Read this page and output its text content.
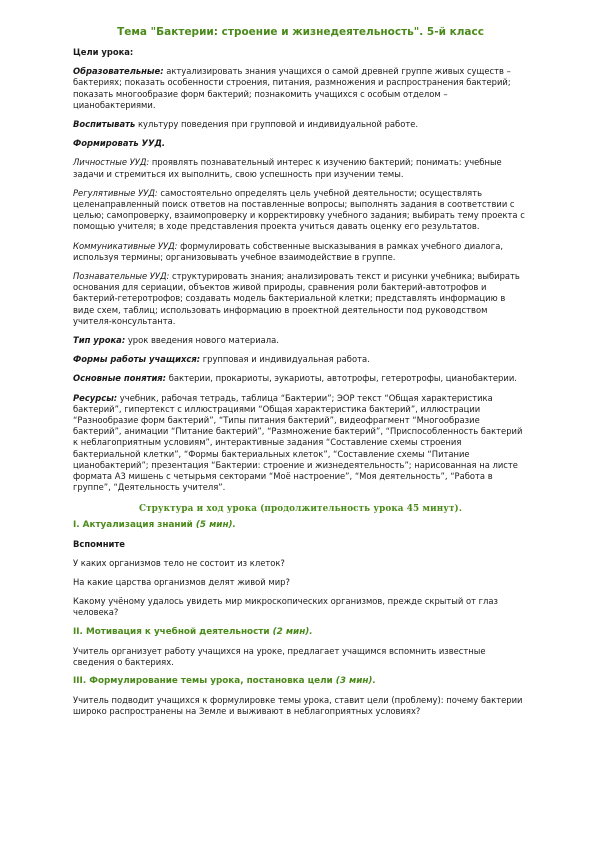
Тема "Бактерии: строение и жизнедеятельность". 5-й класс

Цели урока:

Образовательные: актуализировать знания учащихся о самой древней группе живых существ – бактериях; показать особенности строения, питания, размножения и распространения бактерий; показать многообразие форм бактерий; познакомить учащихся с особым отделом – цианобактериями.

Воспитывать культуру поведения при групповой и индивидуальной работе.

Формировать УУД.

Личностные УУД: проявлять познавательный интерес к изучению бактерий; понимать: учебные задачи и стремиться их выполнить, свою успешность при изучении темы.

Регулятивные УУД: самостоятельно определять цель учебной деятельности; осуществлять целенаправленный поиск ответов на поставленные вопросы; выполнять задания в соответствии с целью; самопроверку, взаимопроверку и корректировку учебного задания; выбирать тему проекта с помощью учителя; в ходе представления проекта учиться давать оценку его результатов.

Коммуникативные УУД: формулировать собственные высказывания в рамках учебного диалога, используя термины; организовывать учебное взаимодействие в группе.

Познавательные УУД: структурировать знания; анализировать текст и рисунки учебника; выбирать основания для сериации, объектов живой природы, сравнения роли бактерий-автотрофов и бактерий-гетеротрофов; создавать модель бактериальной клетки; представлять информацию в виде схем, таблиц; использовать информацию в проектной деятельности под руководством учителя-консультанта.

Тип урока: урок введения нового материала.

Формы работы учащихся: групповая и индивидуальная работа.

Основные понятия: бактерии, прокариоты, эукариоты, автотрофы, гетеротрофы, цианобактерии.

Ресурсы: учебник, рабочая тетрадь, таблица “Бактерии”; ЭОР текст “Общая характеристика бактерий”, гипертекст с иллюстрациями “Общая характеристика бактерий”, иллюстрации “Разнообразие форм бактерий”, “Типы питания бактерий”, видеофрагмент “Многообразие бактерий”, анимации “Питание бактерий”, “Размножение бактерий”, “Приспособленность бактерий к неблагоприятным условиям”, интерактивные задания “Составление схемы строения бактериальной клетки”, “Формы бактериальных клеток”, “Составление схемы “Питание цианобактерий”; презентация “Бактерии: строение и жизнедеятельность”; нарисованная на листе формата А3 мишень с четырьмя секторами “Моё настроение”, “Моя деятельность”, “Работа в группе”, “Деятельность учителя”.

Структура и ход урока (продолжительность урока 45 минут).
I. Актуализация знаний (5 мин).

Вспомните

У каких организмов тело не состоит из клеток?

На какие царства организмов делят живой мир?

Какому учёному удалось увидеть мир микроскопических организмов, прежде скрытый от глаз человека?

II. Мотивация к учебной деятельности (2 мин).

Учитель организует работу учащихся на уроке, предлагает учащимся вспомнить известные сведения о бактериях.

III. Формулирование темы урока, постановка цели (3 мин).

Учитель подводит учащихся к формулировке темы урока, ставит цели (проблему): почему бактерии широко распространены на Земле и выживают в неблагоприятных условиях?
